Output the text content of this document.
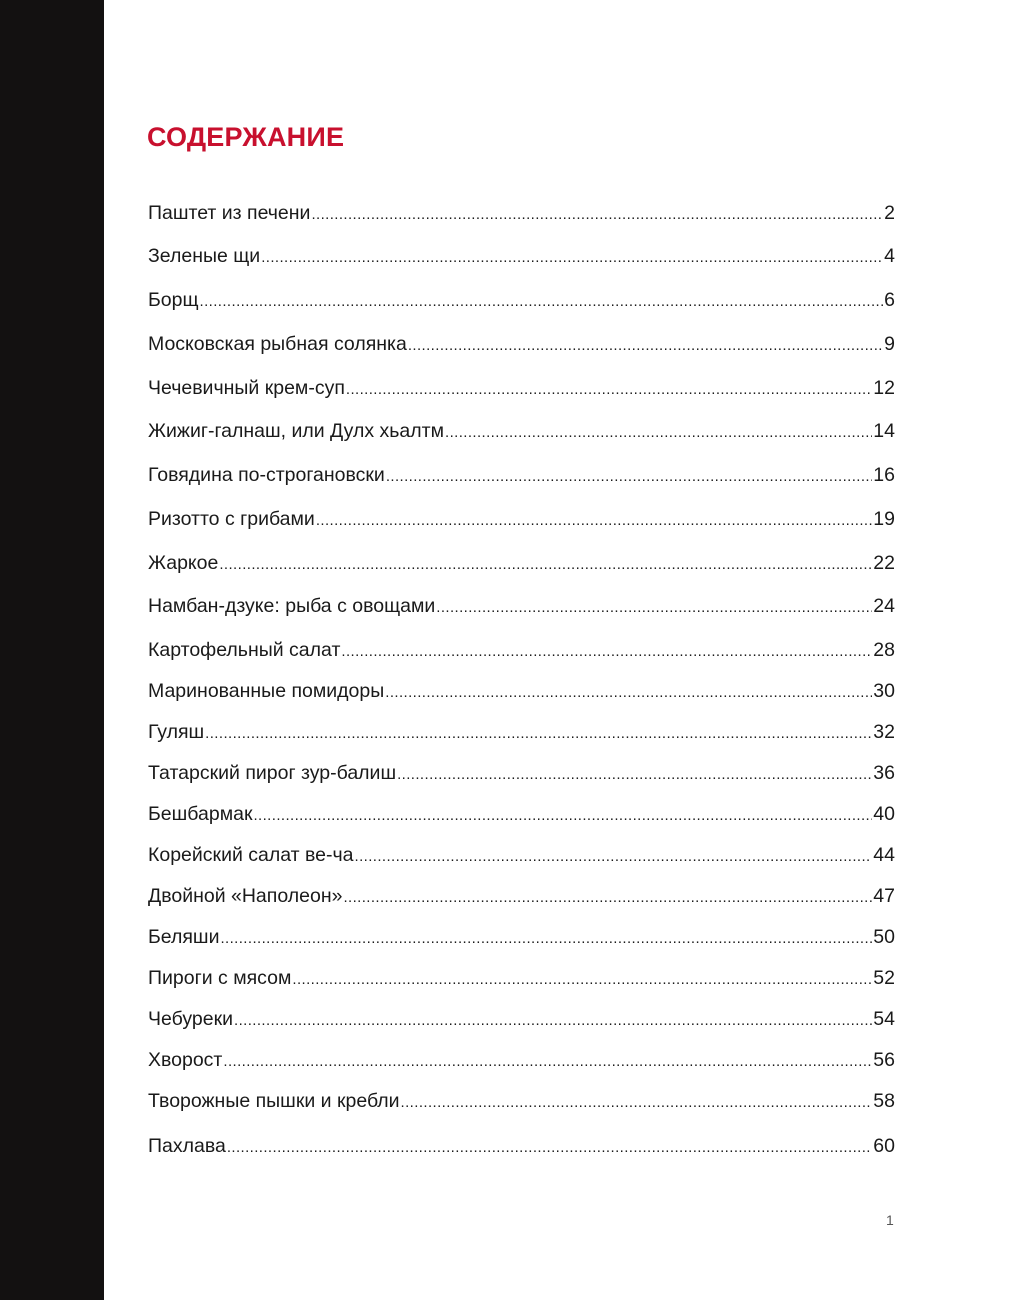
СОДЕРЖАНИЕ
Паштет из печени .....	2
Зеленые щи .....	4
Борщ .....	6
Московская рыбная солянка .....	9
Чечевичный крем-суп .....	12
Жижиг-галнаш, или Дулх хьалтм .....	14
Говядина по-строгановски .....	16
Ризотто с грибами .....	19
Жаркое .....	22
Намбан-дзуке: рыба с овощами .....	24
Картофельный салат .....	28
Маринованные помидоры .....	30
Гуляш .....	32
Татарский пирог зур-балиш .....	36
Бешбармак .....	40
Корейский салат ве-ча .....	44
Двойной «Наполеон» .....	47
Беляши .....	50
Пироги с мясом .....	52
Чебуреки .....	54
Хворост .....	56
Творожные пышки и кребли .....	58
Пахлава .....	60
1
